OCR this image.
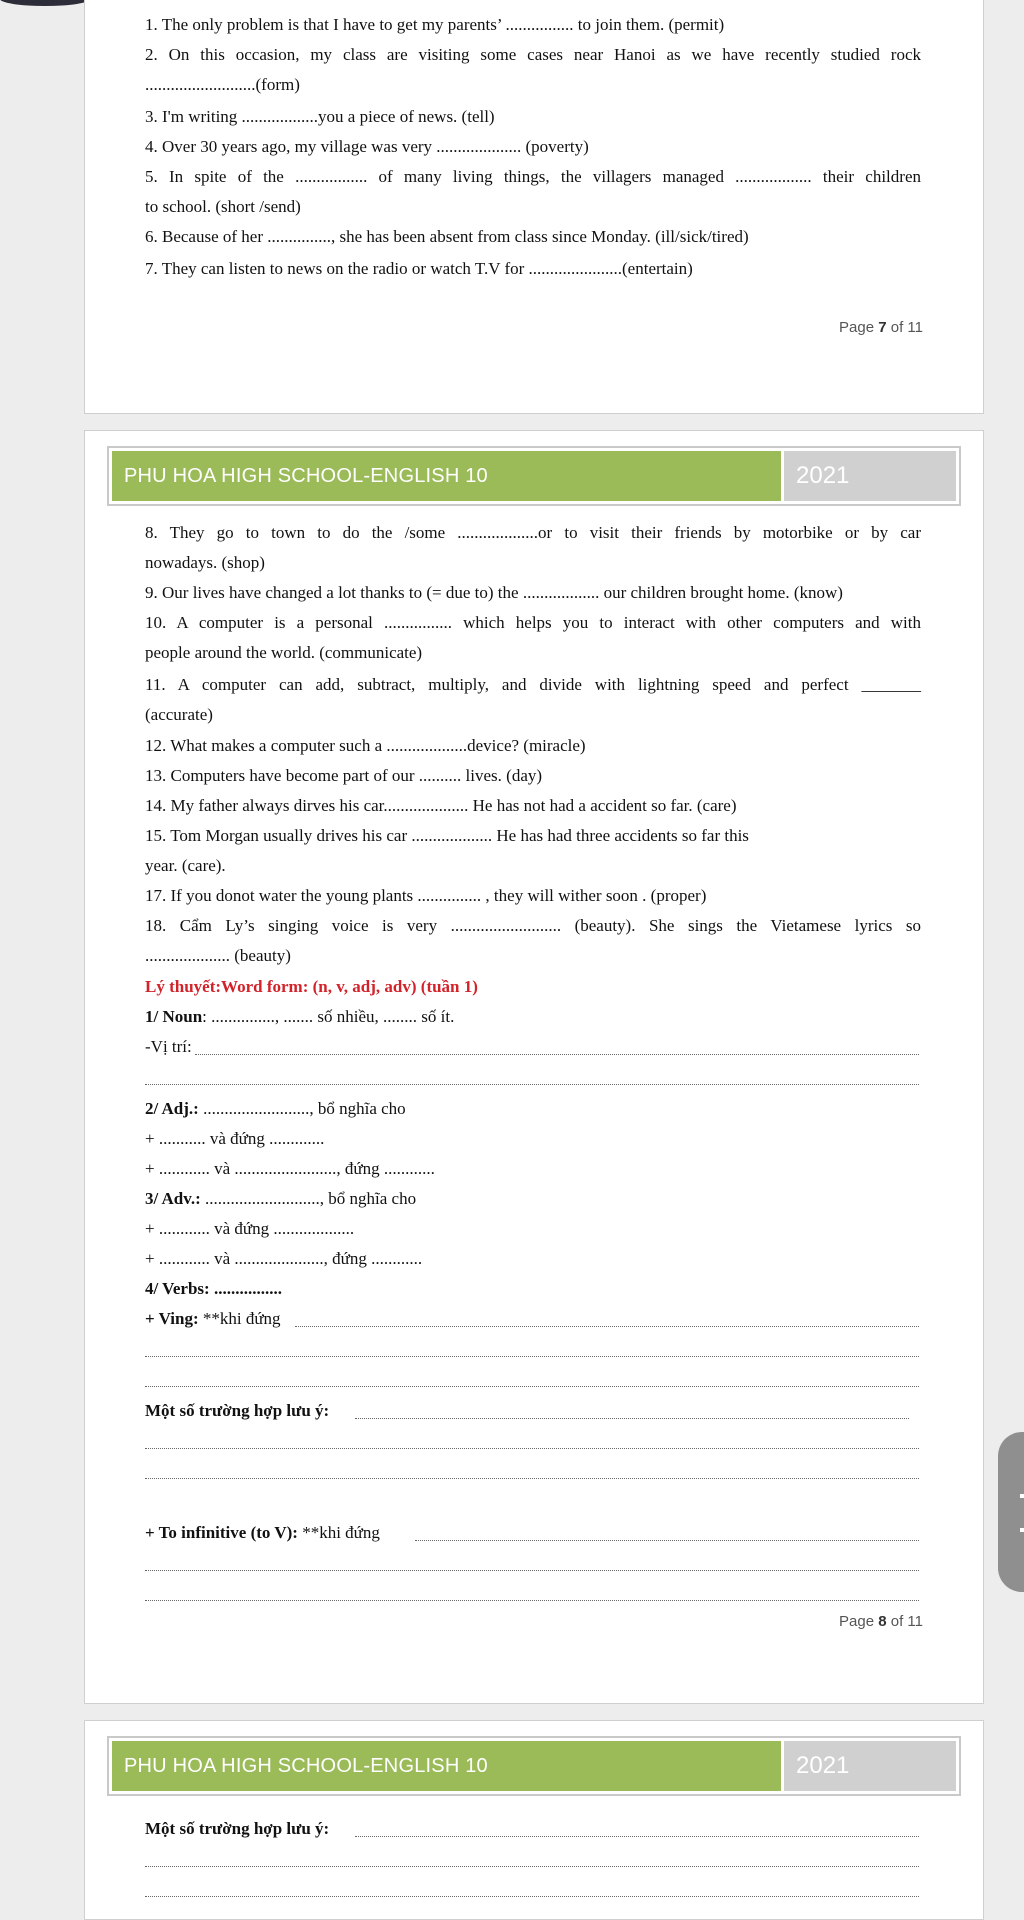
1. The only problem is that I have to get my parents’ ................ to join them. (permit)
2. On this occasion, my class are visiting some cases near Hanoi as we have recently studied rock
..........................(form)
3. I'm writing ..................you a piece of news. (tell)
4. Over 30 years ago, my village was very .................... (poverty)
5. In spite of the ................. of many living things, the villagers managed .................. their children
to school. (short /send)
6. Because of her ..............., she has been absent from class since Monday. (ill/sick/tired)
7. They can listen to news on the radio or watch T.V for ......................(entertain)
Page 7 of 11
PHU HOA HIGH SCHOOL-ENGLISH 10	2021
8. They go to town to do the /some ...................or to visit their friends by motorbike or by car
nowadays. (shop)
9. Our lives have changed a lot thanks to (= due to) the .................. our children brought home. (know)
10. A computer is a personal ................ which helps you to interact with other computers and with
people around the world. (communicate)
11. A computer can add, subtract, multiply, and divide with lightning speed and perfect _______
(accurate)
12. What makes a computer such a ...................device? (miracle)
13. Computers have become part of our .......... lives. (day)
14. My father always dirves his car.................... He has not had a accident so far. (care)
15. Tom Morgan usually drives his car ................... He has had three accidents so far this
year. (care).
17. If you donot water the young plants ............... , they will wither soon . (proper)
18. Cẩm Ly’s singing voice is very .......................... (beauty). She sings the Vietamese lyrics so
.................... (beauty)
Lý thuyết:Word form: (n, v, adj, adv) (tuần 1)
1/ Noun: ..............., ....... số nhiều, ........ số ít.
-Vị trí:
2/ Adj.: ........................., bổ nghĩa cho
+ ........... và đứng .............
+ ............ và ........................, đứng ............
3/ Adv.: ..........................., bổ nghĩa cho
+ ............ và đứng ...................
+ ............ và ....................., đứng ............
4/ Verbs: ................
+ Ving: **khi đứng
Một số trường hợp lưu ý:
+ To infinitive (to V): **khi đứng
Page 8 of 11
PHU HOA HIGH SCHOOL-ENGLISH 10	2021
Một số trường hợp lưu ý:
